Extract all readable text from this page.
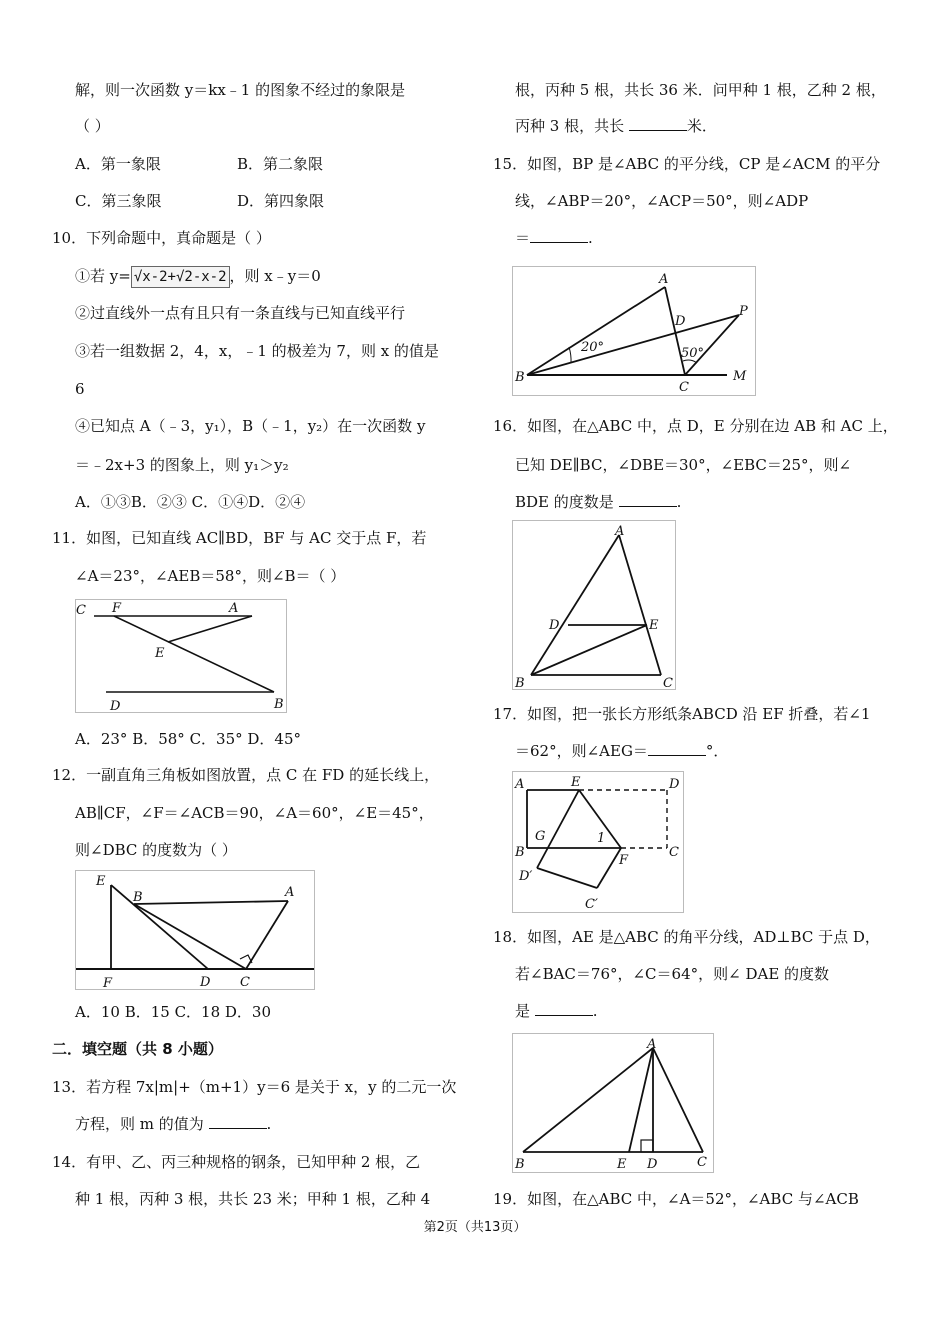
解，则一次函数 y＝kx﹣1 的图象不经过的象限是
（ ）
A．第一象限	B．第二象限
C．第三象限	D．第四象限
10．下列命题中，真命题是（ ）
①若 y= √x-2+√2-x-2 ，则 x﹣y＝0
②过直线外一点有且只有一条直线与已知直线平行
③若一组数据 2，4，x，﹣1 的极差为 7，则 x 的值是
6
④已知点 A（﹣3，y₁），B（﹣1，y₂）在一次函数 y
＝﹣2x+3 的图象上，则 y₁＞y₂
A．①③B．②③ C．①④D．②④
11．如图，已知直线 AC∥BD，BF 与 AC 交于点 F，若
∠A＝23°，∠AEB＝58°，则∠B＝（ ）
C F	A
E
D	B
A．23° B．58° C．35° D．45°
12．一副直角三角板如图放置，点 C 在 FD 的延长线上，
AB∥CF，∠F＝∠ACB＝90，∠A＝60°，∠E＝45°，
则∠DBC 的度数为（ ）
E
B	A
F	D C
A．10 B．15 C．18 D．30
二．填空题（共 8 小题）
13．若方程 7x|m|+（m+1）y＝6 是关于 x，y 的二元一次
方程，则 m 的值为	.
14．有甲、乙、丙三种规格的钢条，已知甲种 2 根，乙
种 1 根，丙种 3 根，共长 23 米；甲种 1 根，乙种 4
根，丙种 5 根，共长 36 米．问甲种 1 根，乙种 2 根，
丙种 3 根，共长	米．
15．如图，BP 是∠ABC 的平分线，CP 是∠ACM 的平分
线，∠ABP＝20°，∠ACP＝50°，则∠ADP
＝	.
20°	50°
A
D
P
B
C
M
16．如图，在△ABC 中，点 D，E 分别在边 AB 和 AC 上，
已知 DE∥BC，∠DBE＝30°，∠EBC＝25°，则∠
BDE 的度数是	.
A
D	E
B	C
17．如图，把一张长方形纸条ABCD 沿 EF 折叠，若∠1
＝62°，则∠AEG＝	°．
A	E	D
G	1
B
F
C
D′
C′
18．如图，AE 是△ABC 的角平分线，AD⊥BC 于点 D，
若∠BAC＝76°，∠C＝64°，则∠ DAE 的度数
是	.
A
B	E D	C
19．如图，在△ABC 中，∠A＝52°，∠ABC 与∠ACB
第2页（共13页）
